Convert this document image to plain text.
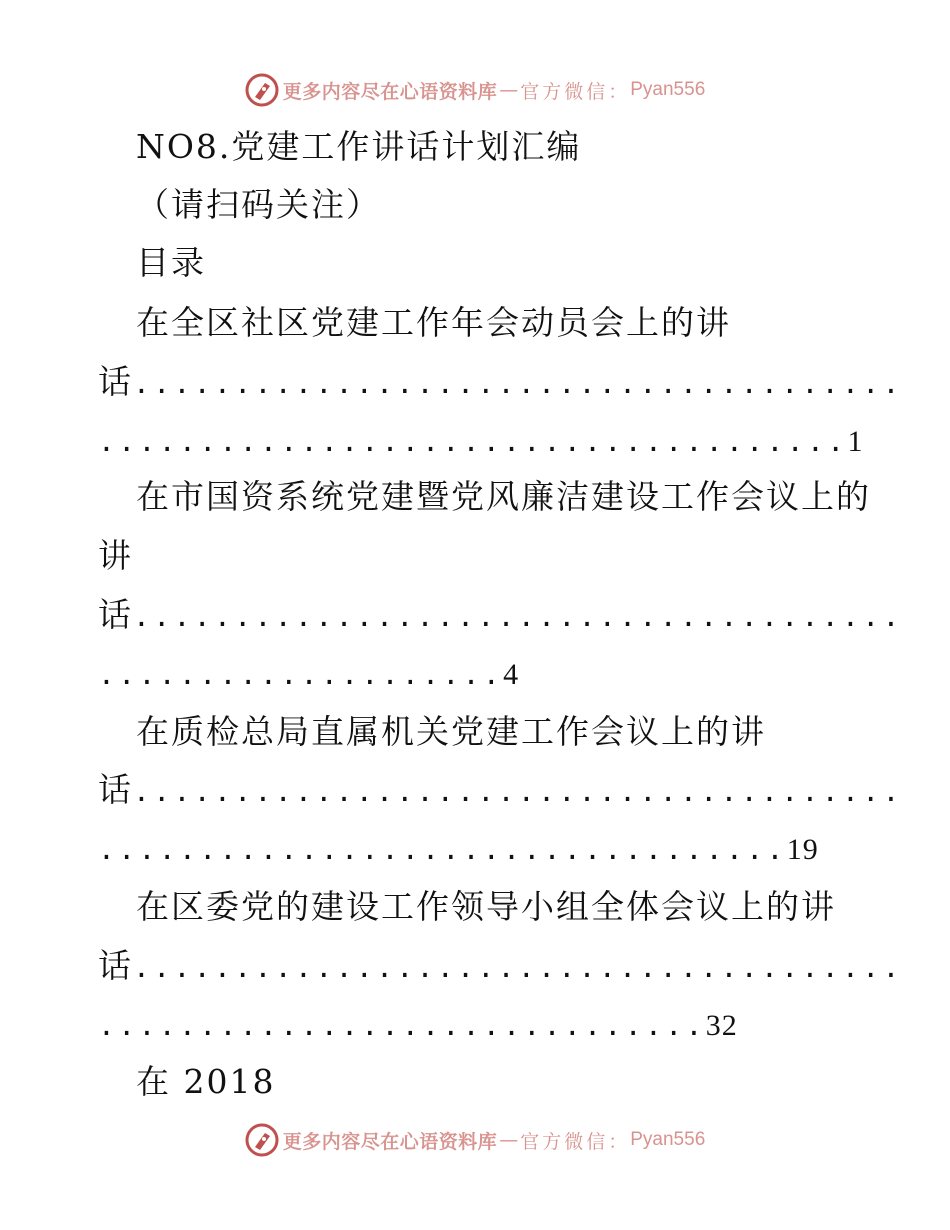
更多内容尽在心语资料库 — 官方微信： Pyan556
NO8.党建工作讲话计划汇编
（请扫码关注）
目录
在全区社区党建工作年会动员会上的讲
话......................................
.....................................1
在市国资系统党建暨党风廉洁建设工作会议上的
讲
话......................................
....................4
在质检总局直属机关党建工作会议上的讲
话......................................
..................................19
在区委党的建设工作领导小组全体会议上的讲
话......................................
..............................32
在 2018
更多内容尽在心语资料库 — 官方微信： Pyan556
